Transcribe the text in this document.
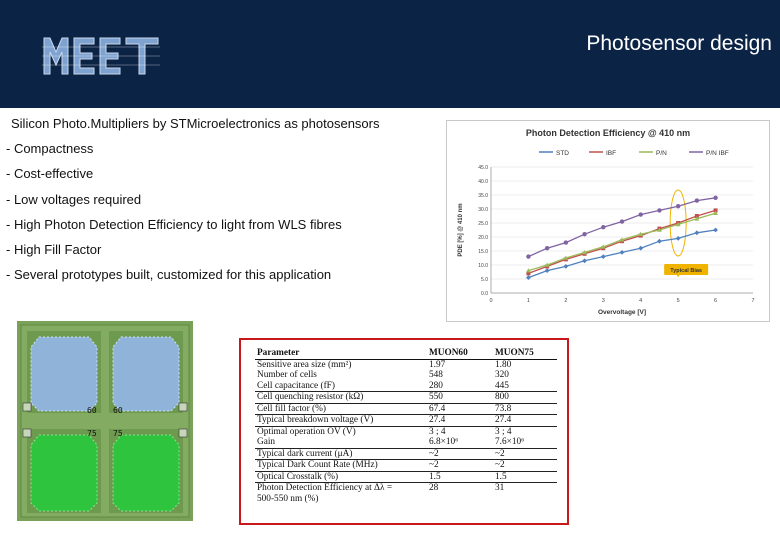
Photosensor design
Silicon Photo.Multipliers by STMicroelectronics as photosensors
- Compactness
- Cost-effective
- Low voltages required
- High Photon Detection Efficiency to light from WLS fibres
- High Fill Factor
- Several prototypes built, customized for this application
Photon Detection Efficiency @ 410 nm
STD	IBF	P/N	P/N IBF
0.0
5.0
10.0
15.0
20.0
25.0
30.0
35.0
40.0
45.0
0	1	2	3	4	5	6	7
Overvoltage [V]
PDE [%] @ 410 nm
Typical Bias
60 60
75 75
Parameter	MUON60	MUON75
Sensitive area size (mm²)	1.97	1.80
Number of cells	548	320
Cell capacitance (fF)	280	445
Cell quenching resistor (kΩ)	550	800
Cell fill factor (%)	67.4	73.8
Typical breakdown voltage (V)	27.4	27.4
Optimal operation OV (V)	3 ; 4	3 ; 4
Gain	6.8×10⁶	7.6×10⁶
Typical dark current (μA)	~2	~2
Typical Dark Count Rate (MHz)	~2	~2
Optical Crosstalk (%)	1.5	1.5
Photon Detection Efficiency at Δλ =	28	31
500-550 nm (%)		
